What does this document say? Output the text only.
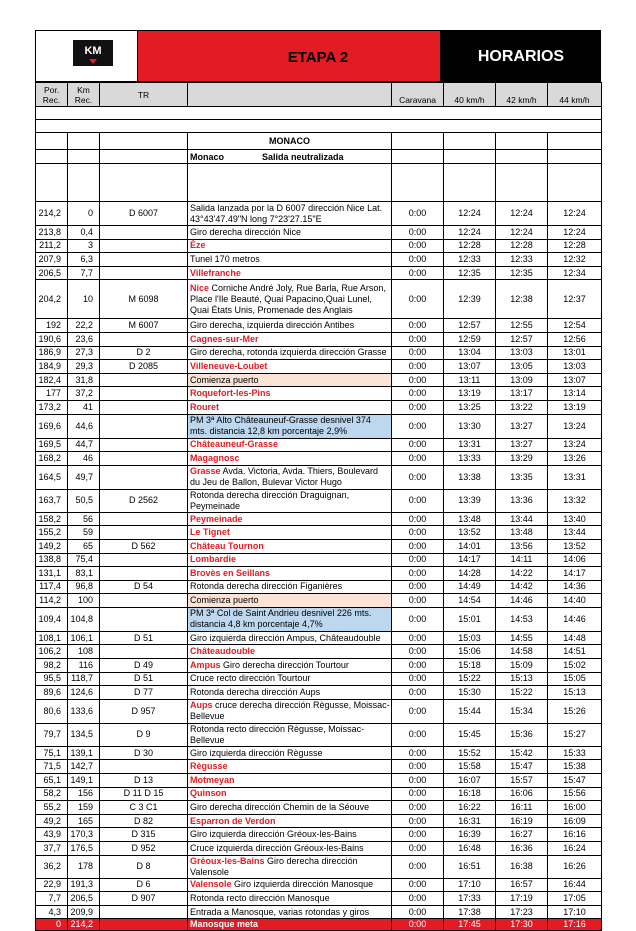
KM	ETAPA 2	HORARIOS
Por. Rec.	Km Rec.	TR		Caravana	40 km/h	42 km/h	44 km/h

			MONACO				
			Monaco Salida neutralizada				

214,2	0	D 6007	Salida lanzada por la D 6007 dirección Nice Lat. 43°43'47.49"N long 7°23'27.15"E	0:00	12:24	12:24	12:24
213,8	0,4		Giro derecha dirección Nice	0:00	12:24	12:24	12:24
211,2	3		Èze	0:00	12:28	12:28	12:28
207,9	6,3		Tunel 170 metros	0:00	12:33	12:33	12:32
206,5	7,7		Villefranche	0:00	12:35	12:35	12:34
204,2	10	M 6098	Nice Corniche André Joly, Rue Barla, Rue Arson, Place l'Ile Beauté, Quai Papacino,Quai Lunel, Quai États Unis, Promenade des Anglais	0:00	12:39	12:38	12:37
192	22,2	M 6007	Giro derecha, izquierda dirección Antibes	0:00	12:57	12:55	12:54
190,6	23,6		Cagnes-sur-Mer	0:00	12:59	12:57	12:56
186,9	27,3	D 2	Giro derecha, rotonda izquierda dirección Grasse	0:00	13:04	13:03	13:01
184,9	29,3	D 2085	Villeneuve-Loubet	0:00	13:07	13:05	13:03
182,4	31,8		Comienza puerto	0:00	13:11	13:09	13:07
177	37,2		Roquefort-les-Pins	0:00	13:19	13:17	13:14
173,2	41		Rouret	0:00	13:25	13:22	13:19
169,6	44,6		PM 3ª Alto Châteauneuf-Grasse desnivel 374 mts. distancia 12,8 km porcentaje 2,9%	0:00	13:30	13:27	13:24
169,5	44,7		Châteauneuf-Grasse	0:00	13:31	13:27	13:24
168,2	46		Magagnosc	0:00	13:33	13:29	13:26
164,5	49,7		Grasse Avda. Victoria, Avda. Thiers, Boulevard du Jeu de Ballon, Bulevar Victor Hugo	0:00	13:38	13:35	13:31
163,7	50,5	D 2562	Rotonda derecha dirección Draguignan, Peymeinade	0:00	13:39	13:36	13:32
158,2	56		Peymeinade	0:00	13:48	13:44	13:40
155,2	59		Le Tignet	0:00	13:52	13:48	13:44
149,2	65	D 562	Château Tournon	0:00	14:01	13:56	13:52
138,8	75,4		Lombardie	0:00	14:17	14:11	14:06
131,1	83,1		Brovès en Seillans	0:00	14:28	14:22	14:17
117,4	96,8	D 54	Rotonda derecha dirección Figanières	0:00	14:49	14:42	14:36
114,2	100		Comienza puerto	0:00	14:54	14:46	14:40
109,4	104,8		PM 3ª Col de Saint Andrieu desnivel 226 mts. distancia 4,8 km porcentaje 4,7%	0:00	15:01	14:53	14:46
108,1	106,1	D 51	Giro izquierda dirección Ampus, Châteaudouble	0:00	15:03	14:55	14:48
106,2	108		Châteaudouble	0:00	15:06	14:58	14:51
98,2	116	D 49	Ampus Giro derecha dirección Tourtour	0:00	15:18	15:09	15:02
95,5	118,7	D 51	Cruce recto dirección Tourtour	0:00	15:22	15:13	15:05
89,6	124,6	D 77	Rotonda derecha dirección Aups	0:00	15:30	15:22	15:13
80,6	133,6	D 957	Aups cruce derecha dirección Règusse, Moissac-Bellevue	0:00	15:44	15:34	15:26
79,7	134,5	D 9	Rotonda recto dirección Règusse, Moissac-Bellevue	0:00	15:45	15:36	15:27
75,1	139,1	D 30	Giro izquierda dirección Règusse	0:00	15:52	15:42	15:33
71,5	142,7		Règusse	0:00	15:58	15:47	15:38
65,1	149,1	D 13	Motmeyan	0:00	16:07	15:57	15:47
58,2	156	D 11 D 15	Quinson	0:00	16:18	16:06	15:56
55,2	159	C 3 C1	Giro derecha dirección Chemin de la Séouve	0:00	16:22	16:11	16:00
49,2	165	D 82	Esparron de Verdon	0:00	16:31	16:19	16:09
43,9	170,3	D 315	Giro izquierda dirección Gréoux-les-Bains	0:00	16:39	16:27	16:16
37,7	176,5	D 952	Cruce izquierda dirección Gréoux-les-Bains	0:00	16:48	16:36	16:24
36,2	178	D 8	Gréoux-les-Bains Giro derecha dirección Valensole	0:00	16:51	16:38	16:26
22,9	191,3	D 6	Valensole Giro izquierda dirección Manosque	0:00	17:10	16:57	16:44
7,7	206,5	D 907	Rotonda recto dirección Manosque	0:00	17:33	17:19	17:05
4,3	209,9		Entrada a Manosque, varias rotondas y giros	0:00	17:38	17:23	17:10
0	214,2		Manosque meta	0:00	17:45	17:30	17:16
